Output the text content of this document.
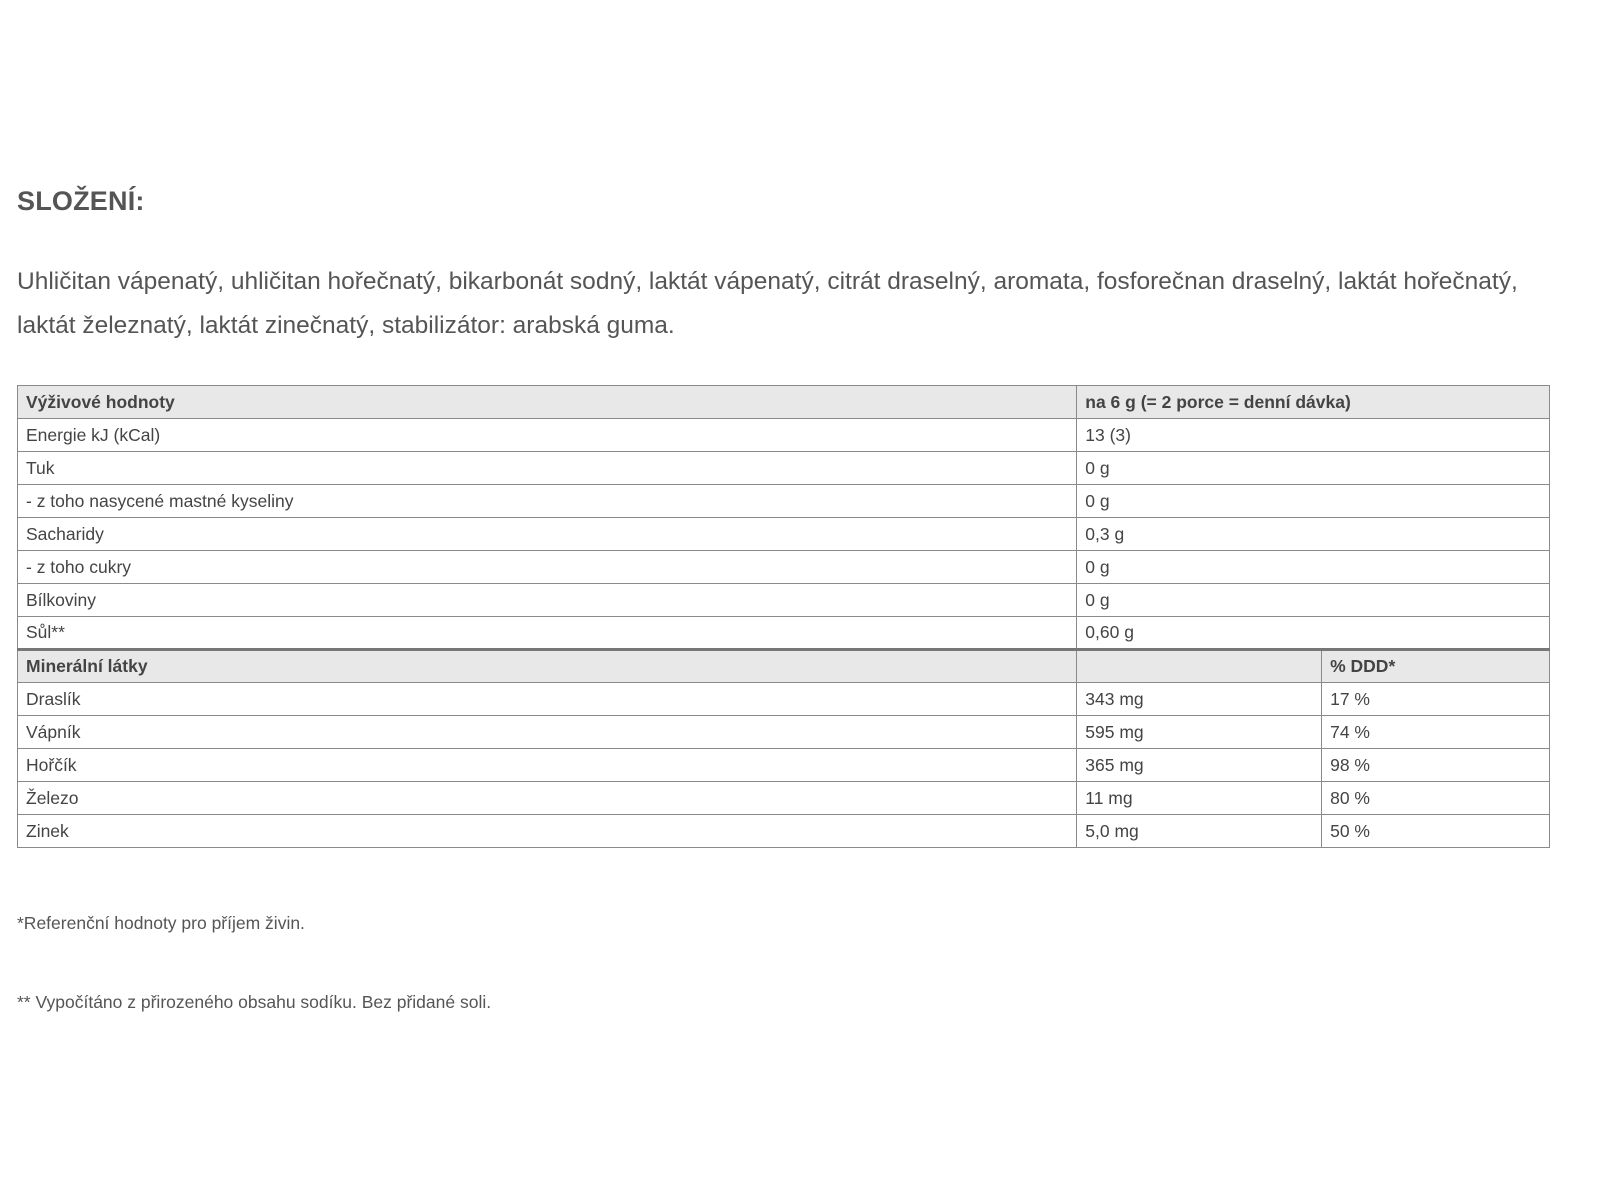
SLOŽENÍ:

Uhličitan vápenatý, uhličitan hořečnatý, bikarbonát sodný, laktát vápenatý, citrát draselný, aromata, fosforečnan draselný, laktát hořečnatý, laktát železnatý, laktát zinečnatý, stabilizátor: arabská guma.

Výživové hodnoty	na 6 g (= 2 porce = denní dávka)	
Energie kJ (kCal)	13 (3)	
Tuk	0 g	
- z toho nasycené mastné kyseliny	0 g	
Sacharidy	0,3 g	
- z toho cukry	0 g	
Bílkoviny	0 g	
Sůl**	0,60 g	
Minerální látky		% DDD*
Draslík	343 mg	17 %
Vápník	595 mg	74 %
Hořčík	365 mg	98 %
Železo	11 mg	80 %
Zinek	5,0 mg	50 %

*Referenční hodnoty pro příjem živin.

** Vypočítáno z přirozeného obsahu sodíku. Bez přidané soli.
